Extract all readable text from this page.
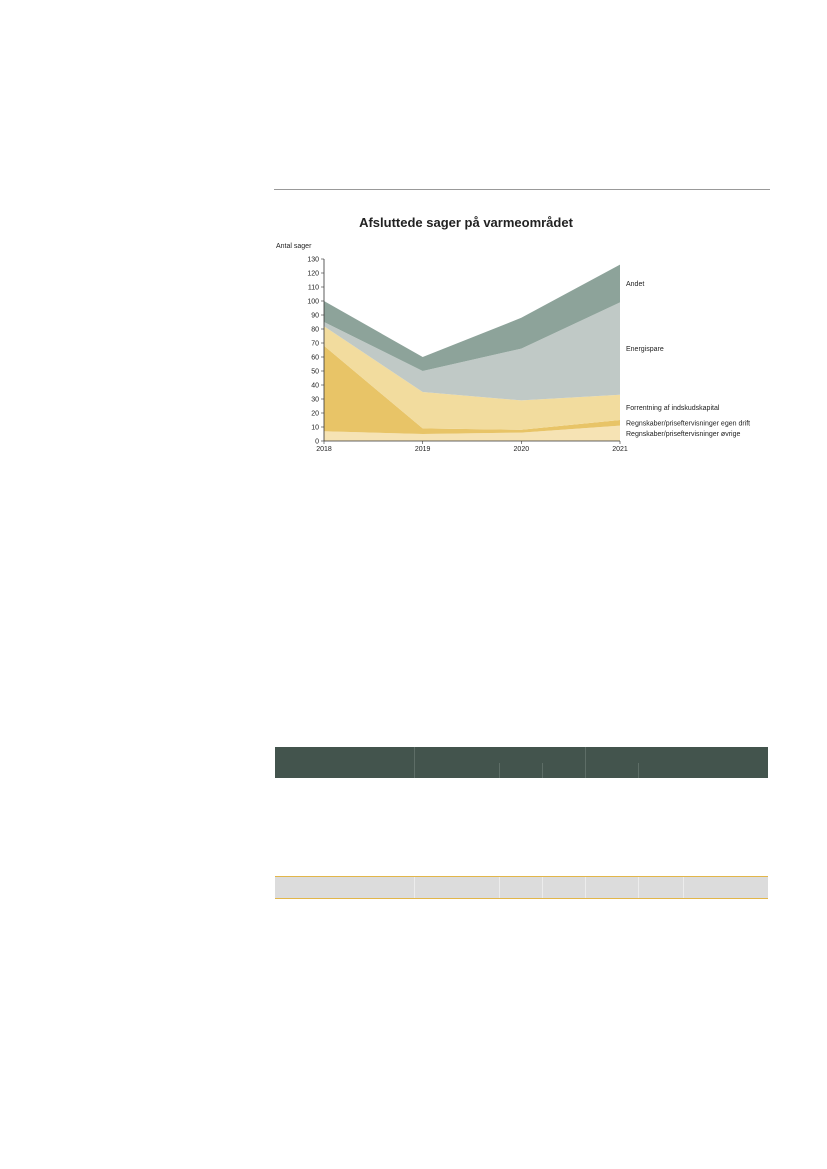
Afsluttede sager på varmeområdet
Antal sager
0
10
20
30
40
50
60
70
80
90
100
110
120
130
2018	2019	2020	2021
Regnskaber/priseftervisninger øvrige
Regnskaber/priseftervisninger egen drift
Forrentning af indskudskapital
Energispare
Andet
